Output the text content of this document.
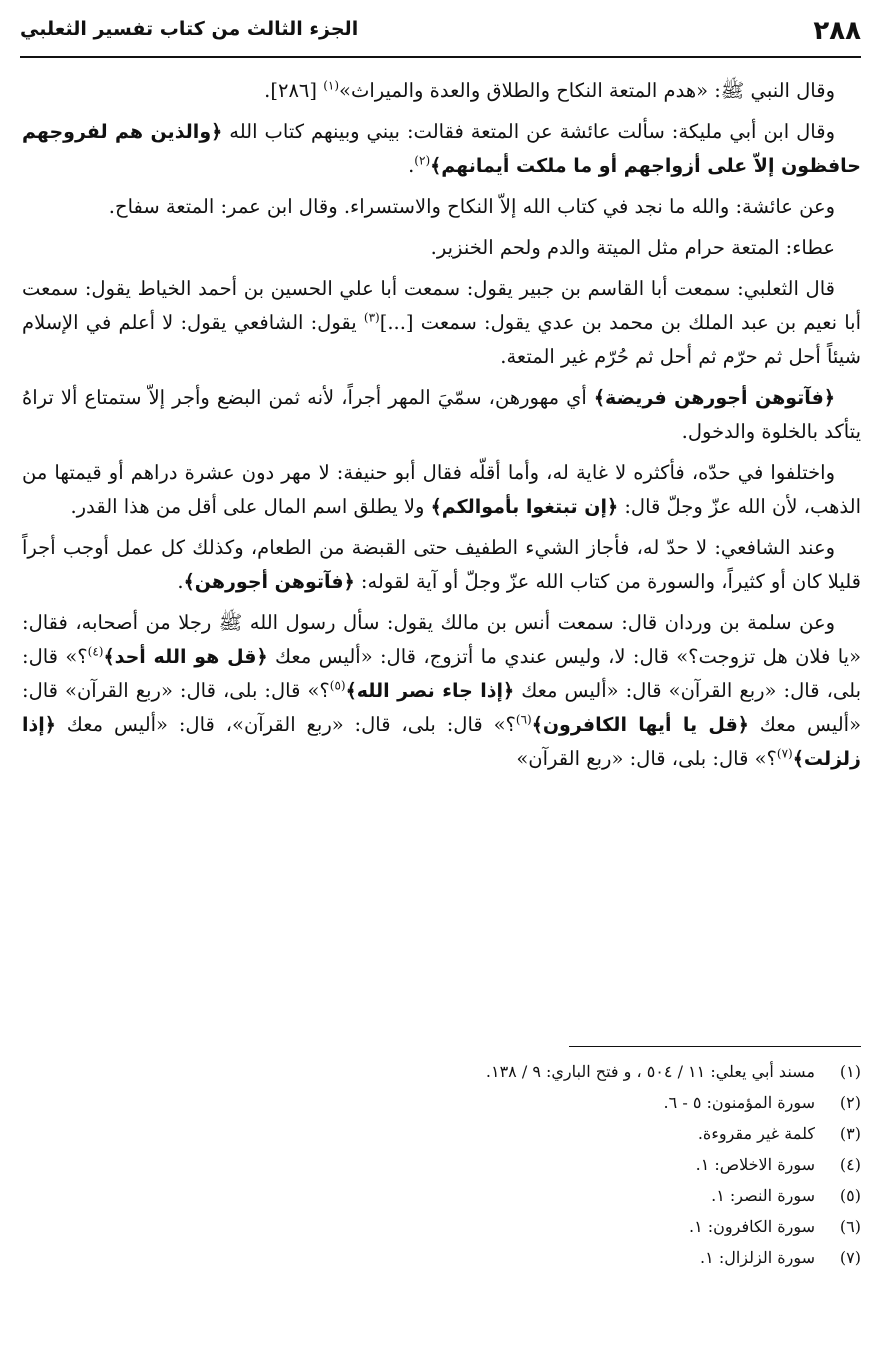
٢٨٨
الجزء الثالث من كتاب تفسير الثعلبي

وقال النبي ﷺ: «هدم المتعة النكاح والطلاق والعدة والميراث»$^{(١)}$ [٢٨٦].

وقال ابن أبي مليكة: سألت عائشة عن المتعة فقالت: بيني وبينهم كتاب الله ﴿والذين هم لفروجهم حافظون إلاّ على أزواجهم أو ما ملكت أيمانهم﴾$^{(٢)}$.

وعن عائشة: والله ما نجد في كتاب الله إلاّ النكاح والاستسراء. وقال ابن عمر: المتعة سفاح.

عطاء: المتعة حرام مثل الميتة والدم ولحم الخنزير.

قال الثعلبي: سمعت أبا القاسم بن جبير يقول: سمعت أبا علي الحسين بن أحمد الخياط يقول: سمعت أبا نعيم بن عبد الملك بن محمد بن عدي يقول: سمعت [...]$^{(٣)}$ يقول: الشافعي يقول: لا أعلم في الإسلام شيئاً أحل ثم حرّم ثم أحل ثم حُرّم غير المتعة.

﴿فآتوهن أجورهن فريضة﴾ أي مهورهن، سمّيَ المهر أجراً، لأنه ثمن البضع وأجر إلاّ ستمتاع ألا تراهُ يتأكد بالخلوة والدخول.

واختلفوا في حدّه، فأكثره لا غاية له، وأما أقلّه فقال أبو حنيفة: لا مهر دون عشرة دراهم أو قيمتها من الذهب، لأن الله عزّ وجلّ قال: ﴿إن تبتغوا بأموالكم﴾ ولا يطلق اسم المال على أقل من هذا القدر.

وعند الشافعي: لا حدّ له، فأجاز الشيء الطفيف حتى القبضة من الطعام، وكذلك كل عمل أوجب أجراً قليلا كان أو كثيراً، والسورة من كتاب الله عزّ وجلّ أو آية لقوله: ﴿فآتوهن أجورهن﴾.

وعن سلمة بن وردان قال: سمعت أنس بن مالك يقول: سأل رسول الله ﷺ رجلا من أصحابه، فقال: «يا فلان هل تزوجت؟» قال: لا، وليس عندي ما أتزوج، قال: «أليس معك ﴿قل هو الله أحد﴾$^{(٤)}$؟» قال: بلى، قال: «ربع القرآن» قال: «أليس معك ﴿إذا جاء نصر الله﴾$^{(٥)}$؟» قال: بلى، قال: «ربع القرآن» قال: «أليس معك ﴿قل يا أيها الكافرون﴾$^{(٦)}$؟» قال: بلى، قال: «ربع القرآن»، قال: «أليس معك ﴿إذا زلزلت﴾$^{(٧)}$؟» قال: بلى، قال: «ربع القرآن»

(١)مسند أبي يعلي: ١١ / ٥٠٤ ، و فتح الباري: ٩ / ١٣٨.
(٢)سورة المؤمنون: ٥ - ٦.
(٣)كلمة غير مقروءة.
(٤)سورة الاخلاص: ١.
(٥)سورة النصر: ١.
(٦)سورة الكافرون: ١.
(٧)سورة الزلزال: ١.
